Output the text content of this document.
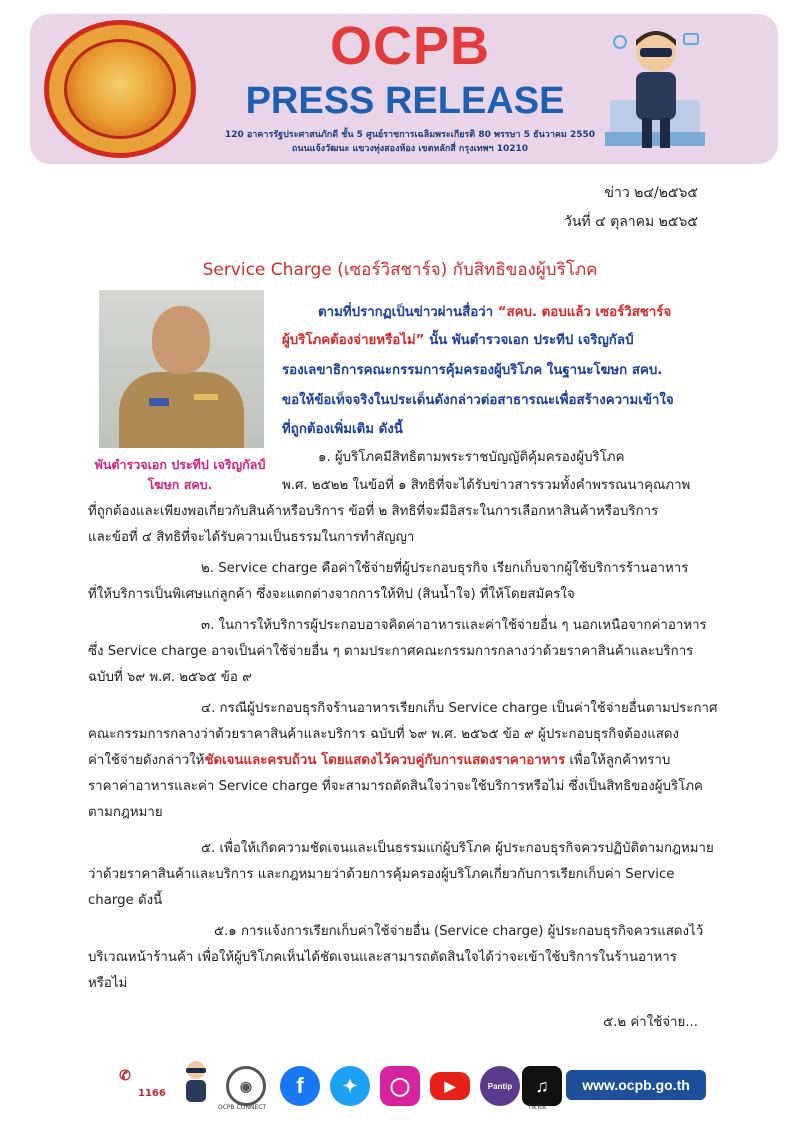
OCPB
PRESS RELEASE
120 อาคารรัฐประศาสนภักดี ชั้น 5 ศูนย์ราชการเฉลิมพระเกียรติ 80 พรรษา 5 ธันวาคม 2550
ถนนแจ้งวัฒนะ แขวงทุ่งสองห้อง เขตหลักสี่ กรุงเทพฯ 10210
ข่าว ๒๔/๒๕๖๕
วันที่ ๔ ตุลาคม ๒๕๖๕
Service Charge (เซอร์วิสชาร์จ) กับสิทธิของผู้บริโภค
พันตำรวจเอก ประทีป เจริญกัลป์
โฆษก สคบ.
ตามที่ปรากฏเป็นข่าวผ่านสื่อว่า “สคบ. ตอบแล้ว เซอร์วิสชาร์จ
ผู้บริโภคต้องจ่ายหรือไม่” นั้น พันตำรวจเอก ประทีป เจริญกัลป์
รองเลขาธิการคณะกรรมการคุ้มครองผู้บริโภค ในฐานะโฆษก สคบ.
ขอให้ข้อเท็จจริงในประเด็นดังกล่าวต่อสาธารณะเพื่อสร้างความเข้าใจ
ที่ถูกต้องเพิ่มเติม ดังนี้
๑. ผู้บริโภคมีสิทธิตามพระราชบัญญัติคุ้มครองผู้บริโภค
พ.ศ. ๒๕๒๒ ในข้อที่ ๑ สิทธิที่จะได้รับข่าวสารรวมทั้งคำพรรณนาคุณภาพ
ที่ถูกต้องและเพียงพอเกี่ยวกับสินค้าหรือบริการ ข้อที่ ๒ สิทธิที่จะมีอิสระในการเลือกหาสินค้าหรือบริการ
และข้อที่ ๔ สิทธิที่จะได้รับความเป็นธรรมในการทำสัญญา
๒. Service charge คือค่าใช้จ่ายที่ผู้ประกอบธุรกิจ เรียกเก็บจากผู้ใช้บริการร้านอาหาร
ที่ให้บริการเป็นพิเศษแก่ลูกค้า ซึ่งจะแตกต่างจากการให้ทิป (สินน้ำใจ) ที่ให้โดยสมัครใจ
๓. ในการให้บริการผู้ประกอบอาจคิดค่าอาหารและค่าใช้จ่ายอื่น ๆ นอกเหนือจากค่าอาหาร
ซึ่ง Service charge อาจเป็นค่าใช้จ่ายอื่น ๆ ตามประกาศคณะกรรมการกลางว่าด้วยราคาสินค้าและบริการ
ฉบับที่ ๖๙ พ.ศ. ๒๕๖๕ ข้อ ๙
๔. กรณีผู้ประกอบธุรกิจร้านอาหารเรียกเก็บ Service charge เป็นค่าใช้จ่ายอื่นตามประกาศ
คณะกรรมการกลางว่าด้วยราคาสินค้าและบริการ ฉบับที่ ๖๙ พ.ศ. ๒๕๖๕ ข้อ ๙ ผู้ประกอบธุรกิจต้องแสดง
ค่าใช้จ่ายดังกล่าวให้ชัดเจนและครบถ้วน โดยแสดงไว้ควบคู่กับการแสดงราคาอาหาร เพื่อให้ลูกค้าทราบ
ราคาค่าอาหารและค่า Service charge ที่จะสามารถตัดสินใจว่าจะใช้บริการหรือไม่ ซึ่งเป็นสิทธิของผู้บริโภค
ตามกฎหมาย
๕. เพื่อให้เกิดความชัดเจนและเป็นธรรมแก่ผู้บริโภค ผู้ประกอบธุรกิจควรปฏิบัติตามกฎหมาย
ว่าด้วยราคาสินค้าและบริการ และกฎหมายว่าด้วยการคุ้มครองผู้บริโภคเกี่ยวกับการเรียกเก็บค่า Service
charge ดังนี้
๕.๑ การแจ้งการเรียกเก็บค่าใช้จ่ายอื่น (Service charge) ผู้ประกอบธุรกิจควรแสดงไว้
บริเวณหน้าร้านค้า เพื่อให้ผู้บริโภคเห็นได้ชัดเจนและสามารถตัดสินใจได้ว่าจะเข้าใช้บริการในร้านอาหาร
หรือไม่
๕.๒ ค่าใช้จ่าย...
✆
1166	◉
OCPB CONNECT
f	✦	◯	▶	Pantip	♫
TikTok
www.ocpb.go.th
